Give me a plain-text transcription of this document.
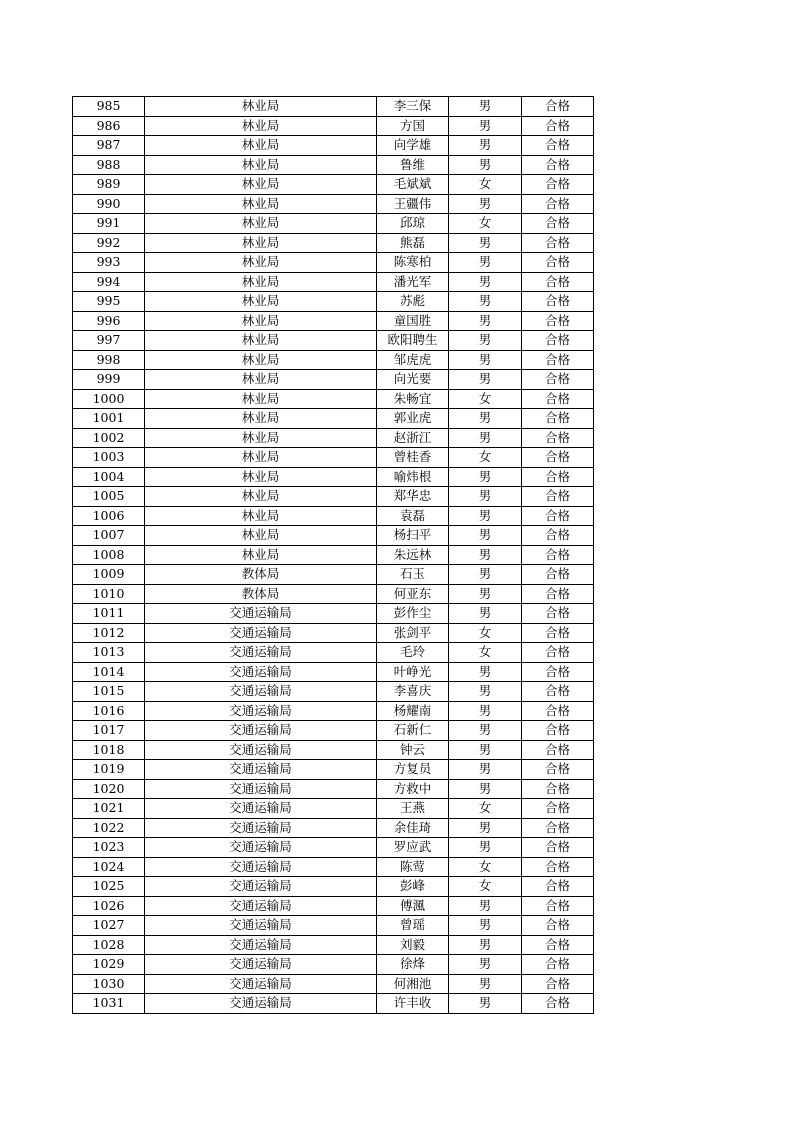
985	林业局	李三保	男	合格
986	林业局	方国	男	合格
987	林业局	向学雄	男	合格
988	林业局	鲁维	男	合格
989	林业局	毛斌斌	女	合格
990	林业局	王疆伟	男	合格
991	林业局	邱琼	女	合格
992	林业局	熊磊	男	合格
993	林业局	陈寒柏	男	合格
994	林业局	潘光军	男	合格
995	林业局	苏彪	男	合格
996	林业局	童国胜	男	合格
997	林业局	欧阳聘生	男	合格
998	林业局	邹虎虎	男	合格
999	林业局	向光要	男	合格
1000	林业局	朱畅宜	女	合格
1001	林业局	郭业虎	男	合格
1002	林业局	赵浙江	男	合格
1003	林业局	曾桂香	女	合格
1004	林业局	喻炜根	男	合格
1005	林业局	郑华忠	男	合格
1006	林业局	袁磊	男	合格
1007	林业局	杨扫平	男	合格
1008	林业局	朱远林	男	合格
1009	教体局	石玉	男	合格
1010	教体局	何亚东	男	合格
1011	交通运输局	彭作尘	男	合格
1012	交通运输局	张剑平	女	合格
1013	交通运输局	毛玲	女	合格
1014	交通运输局	叶峥光	男	合格
1015	交通运输局	李喜庆	男	合格
1016	交通运输局	杨耀南	男	合格
1017	交通运输局	石新仁	男	合格
1018	交通运输局	钟云	男	合格
1019	交通运输局	方复员	男	合格
1020	交通运输局	方救中	男	合格
1021	交通运输局	王燕	女	合格
1022	交通运输局	余佳琦	男	合格
1023	交通运输局	罗应武	男	合格
1024	交通运输局	陈莺	女	合格
1025	交通运输局	彭峰	女	合格
1026	交通运输局	傅渢	男	合格
1027	交通运输局	曾瑶	男	合格
1028	交通运输局	刘毅	男	合格
1029	交通运输局	徐烽	男	合格
1030	交通运输局	何湘池	男	合格
1031	交通运输局	许丰收	男	合格
